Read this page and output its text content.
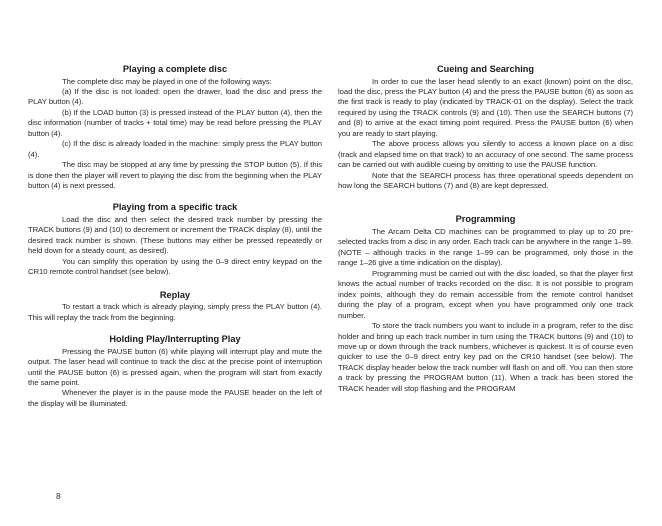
Playing a complete disc

The complete disc may be played in one of the following ways:

(a) If the disc is not loaded: open the drawer, load the disc and press the PLAY button (4).

(b) If the LOAD button (3) is pressed instead of the PLAY button (4), then the disc information (number of tracks + total time) may be read before pressing the PLAY button (4).

(c) If the disc is already loaded in the machine: simply press the PLAY button (4).

The disc may be stopped at any time by pressing the STOP button (5). If this is done then the player will revert to playing the disc from the beginning when the PLAY button (4) is next pressed.

Playing from a specific track

Load the disc and then select the desired track number by pressing the TRACK buttons (9) and (10) to decrement or increment the TRACK display (8), until the desired track number is shown. (These buttons may either be pressed repeatedly or held down for a steady count, as desired).

You can simplify this operation by using the 0–9 direct entry keypad on the CR10 remote control handset (see below).

Replay

To restart a track which is already playing, simply press the PLAY button (4). This will replay the track from the beginning.

Holding Play/Interrupting Play

Pressing the PAUSE button (6) while playing will interrupt play and mute the output. The laser head will continue to track the disc at the precise point of interruption until the PAUSE button (6) is pressed again, when the program will start from exactly the same point.

Whenever the player is in the pause mode the PAUSE header on the left of the display will be illuminated.

Cueing and Searching

In order to cue the laser head silently to an exact (known) point on the disc, load the disc, press the PLAY button (4) and the press the PAUSE button (6) as soon as the first track is ready to play (indicated by TRACK-01 on the display). Select the track required by using the TRACK controls (9) and (10). Then use the SEARCH buttons (7) and (8) to arrive at the exact timing point required. Press the PAUSE button (6) when you are ready to start playing.

The above process allows you silently to access a known place on a disc (track and elapsed time on that track) to an accuracy of one second. The same process can be carried out with audible cueing by omitting to use the PAUSE function.

Note that the SEARCH process has three operational speeds dependent on how long the SEARCH buttons (7) and (8) are kept depressed.

Programming

The Arcam Delta CD machines can be programmed to play up to 20 pre-selected tracks from a disc in any order. Each track can be anywhere in the range 1–99. (NOTE – although tracks in the range 1–99 can be programmed, only those in the range 1–26 give a time indication on the display).

Programming must be carried out with the disc loaded, so that the player first knows the actual number of tracks recorded on the disc. It is not possible to program index points, although they do remain accessible from the remote control handset during the play of a program, except when you have programmed only one track number.

To store the track numbers you want to include in a program, refer to the disc holder and bring up each track number in turn using the TRACK buttons (9) and (10) to move up or down through the track numbers, whichever is quickest. It is of course even quicker to use the 0–9 direct entry key pad on the CR10 handset (see below). The TRACK display header below the track number will flash on and off. You can then store a track by pressing the PROGRAM button (11). When a track has been stored the TRACK header will stop flashing and the PROGRAM

8
